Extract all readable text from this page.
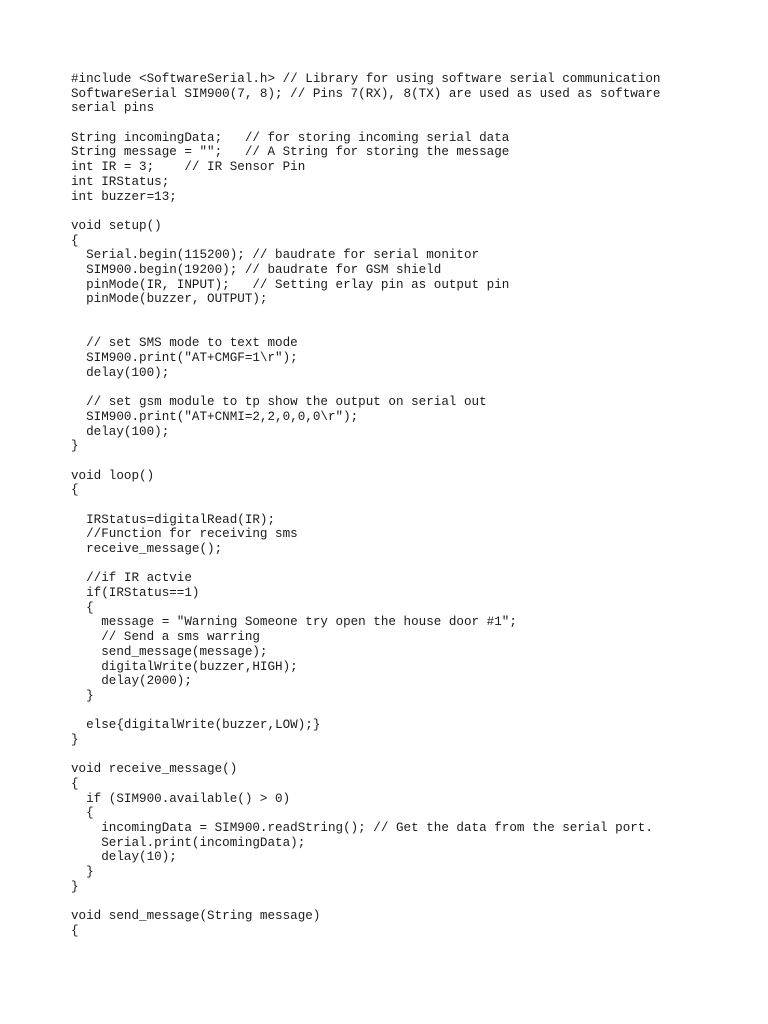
#include <SoftwareSerial.h> // Library for using software serial communication
SoftwareSerial SIM900(7, 8); // Pins 7(RX), 8(TX) are used as used as software
serial pins
String incomingData;   // for storing incoming serial data
String message = "";   // A String for storing the message
int IR = 3;    // IR Sensor Pin
int IRStatus;
int buzzer=13;
void setup()
{
Serial.begin(115200); // baudrate for serial monitor
SIM900.begin(19200); // baudrate for GSM shield
pinMode(IR, INPUT);   // Setting erlay pin as output pin
pinMode(buzzer, OUTPUT);
// set SMS mode to text mode
SIM900.print("AT+CMGF=1\r");
delay(100);
// set gsm module to tp show the output on serial out
SIM900.print("AT+CNMI=2,2,0,0,0\r");
delay(100);
}
void loop()
{
IRStatus=digitalRead(IR);
//Function for receiving sms
receive_message();
//if IR actvie
if(IRStatus==1)
{
message = "Warning Someone try open the house door #1";
// Send a sms warring
send_message(message);
digitalWrite(buzzer,HIGH);
delay(2000);
}
else{digitalWrite(buzzer,LOW);}
}
void receive_message()
{
if (SIM900.available() > 0)
{
incomingData = SIM900.readString(); // Get the data from the serial port.
Serial.print(incomingData);
delay(10);
}
}
void send_message(String message)
{
